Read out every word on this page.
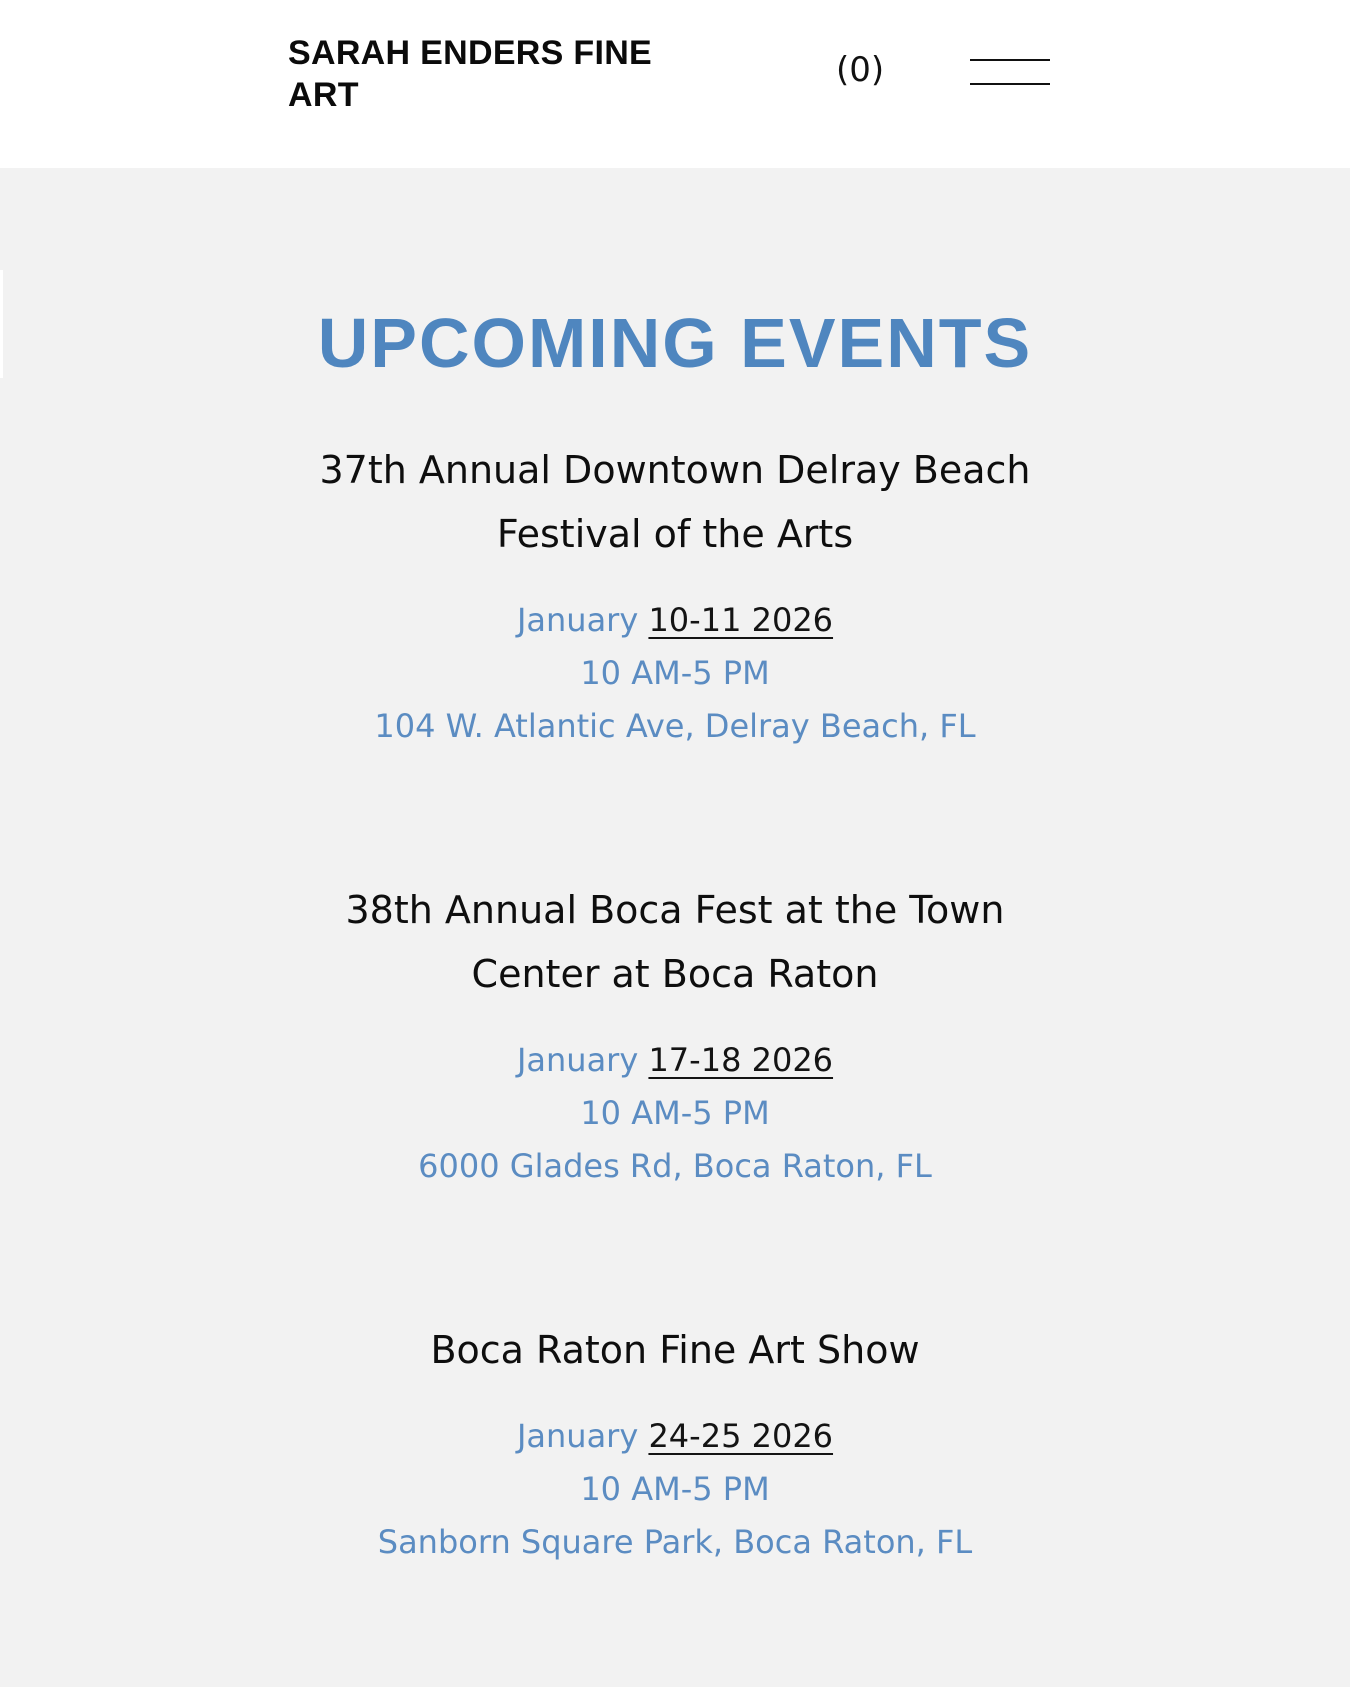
SARAH ENDERS FINE ART
(0)
UPCOMING EVENTS
37th Annual Downtown Delray Beach Festival of the Arts
January 10-11 2026
10 AM-5 PM
104 W. Atlantic Ave, Delray Beach, FL
38th Annual Boca Fest at the Town Center at Boca Raton
January 17-18 2026
10 AM-5 PM
6000 Glades Rd, Boca Raton, FL
Boca Raton Fine Art Show
January 24-25 2026
10 AM-5 PM
Sanborn Square Park, Boca Raton, FL
